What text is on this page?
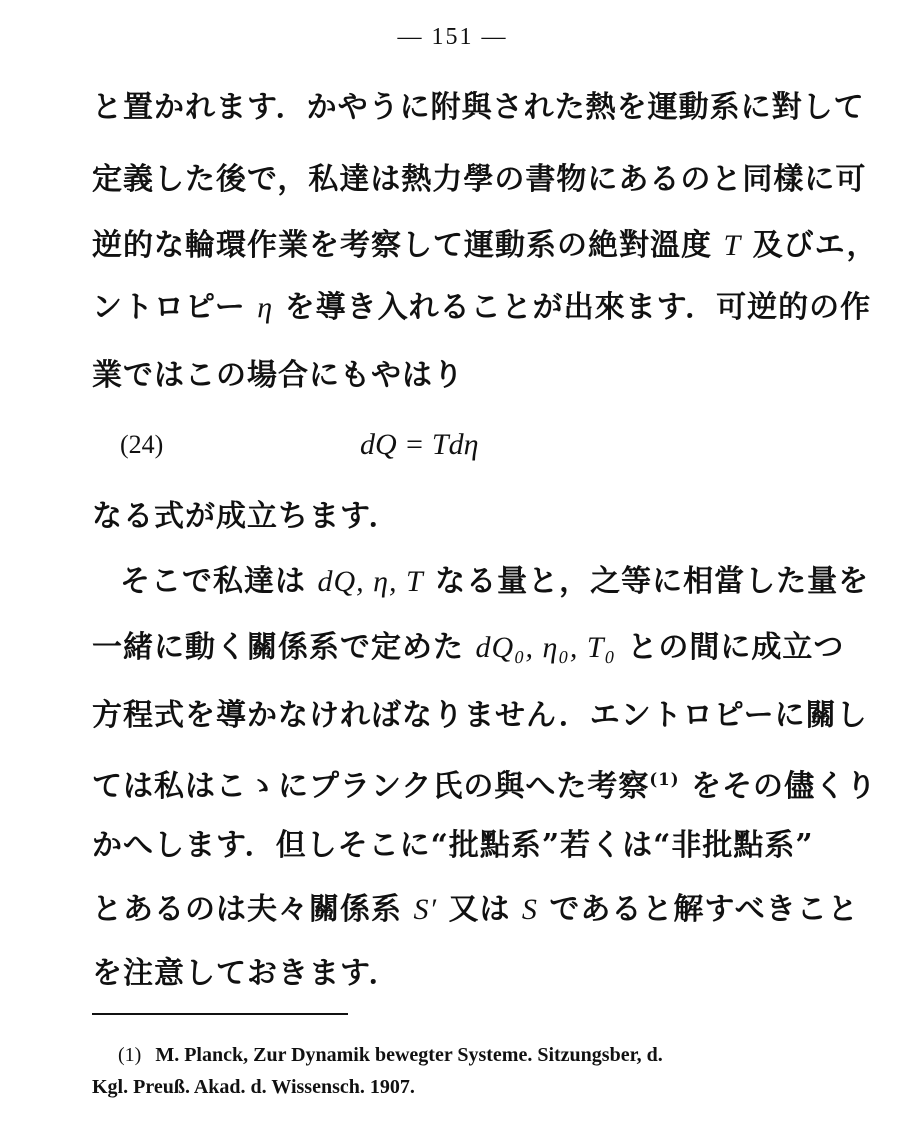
— 151 —
と置かれます．かやうに附與された熱を運動系に對して
定義した後で，私達は熱力學の書物にあるのと同樣に可
逆的な輪環作業を考察して運動系の絶對溫度 T 及びエ，
ントロピー η を導き入れることが出來ます．可逆的の作
業ではこの場合にもやはり
(24)	dQ = Tdη
なる式が成立ちます．
そこで私達は dQ, η, T なる量と，之等に相當した量を
一緒に動く關係系で定めた dQ₀, η₀, T₀ との間に成立つ
方程式を導かなければなりません．エントロピーに關し
ては私はこゝにプランク氏の與へた考察$^{(1)}$ をその儘くり
かへします．但しそこに“批點系”若くは“非批點系”
とあるのは夫々關係系 S′ 又は S であると解すべきこと
を注意しておきます．
(1) M. Planck, Zur Dynamik bewegter Systeme. Sitzungsber, d.
Kgl. Preuß. Akad. d. Wissensch. 1907.
